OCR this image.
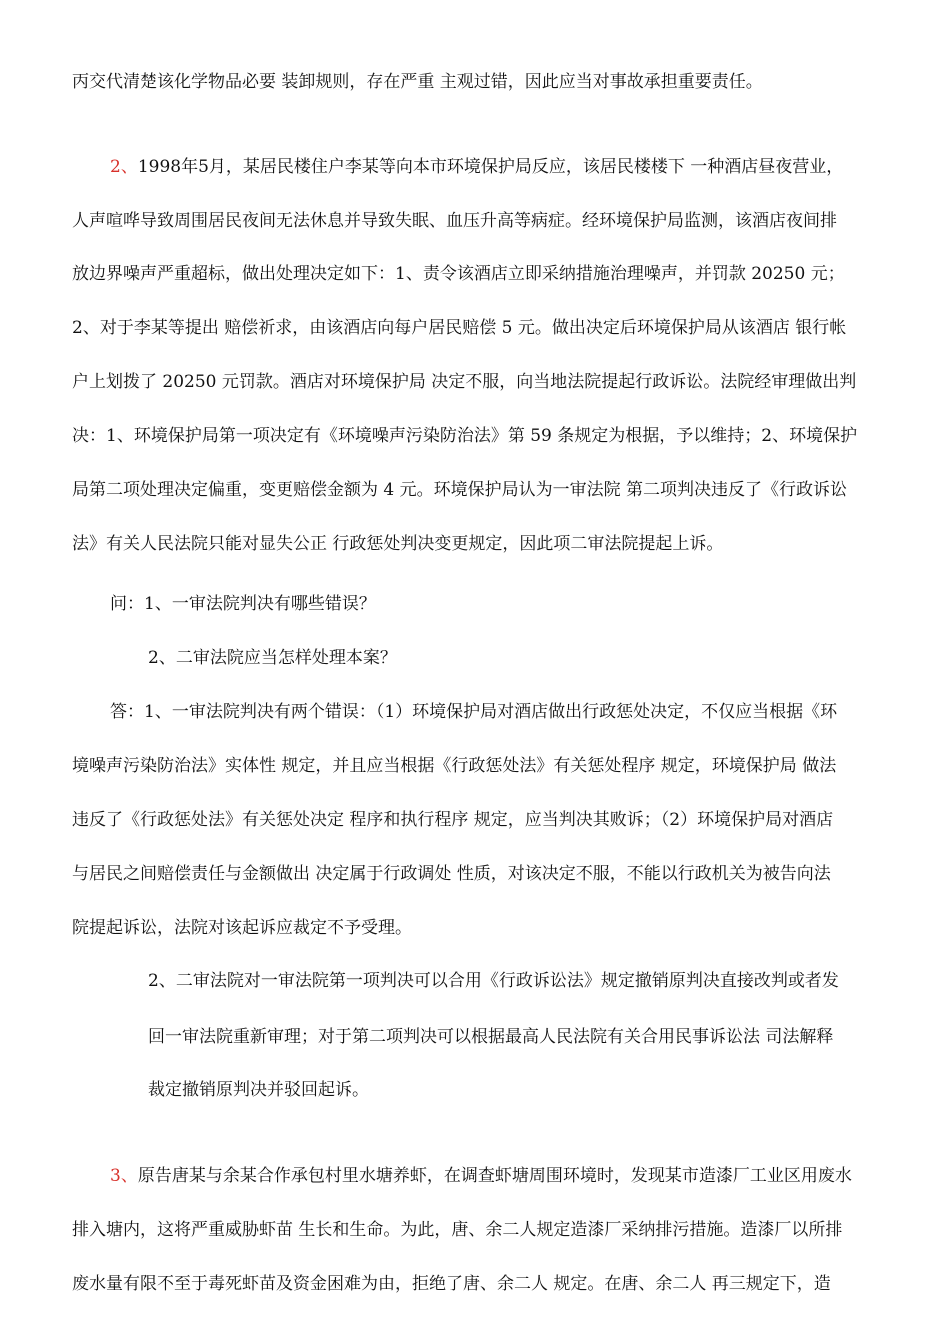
丙交代清楚该化学物品必要 装卸规则，存在严重 主观过错，因此应当对事故承担重要责任。
2、1998年5月，某居民楼住户李某等向本市环境保护局反应，该居民楼楼下 一种酒店昼夜营业，
人声喧哗导致周围居民夜间无法休息并导致失眠、血压升高等病症。经环境保护局监测，该酒店夜间排
放边界噪声严重超标，做出处理决定如下：1、责令该酒店立即采纳措施治理噪声，并罚款 20250 元；
2、对于李某等提出 赔偿祈求，由该酒店向每户居民赔偿 5 元。做出决定后环境保护局从该酒店 银行帐
户上划拨了 20250 元罚款。酒店对环境保护局 决定不服，向当地法院提起行政诉讼。法院经审理做出判
决：1、环境保护局第一项决定有《环境噪声污染防治法》第 59 条规定为根据，予以维持；2、环境保护
局第二项处理决定偏重，变更赔偿金额为 4 元。环境保护局认为一审法院 第二项判决违反了《行政诉讼
法》有关人民法院只能对显失公正 行政惩处判决变更规定，因此项二审法院提起上诉。
问：1、一审法院判决有哪些错误？
2、二审法院应当怎样处理本案？
答：1、一审法院判决有两个错误：（1）环境保护局对酒店做出行政惩处决定，不仅应当根据《环
境噪声污染防治法》实体性 规定，并且应当根据《行政惩处法》有关惩处程序 规定，环境保护局 做法
违反了《行政惩处法》有关惩处决定 程序和执行程序 规定，应当判决其败诉；（2）环境保护局对酒店
与居民之间赔偿责任与金额做出 决定属于行政调处 性质，对该决定不服，不能以行政机关为被告向法
院提起诉讼，法院对该起诉应裁定不予受理。
2、二审法院对一审法院第一项判决可以合用《行政诉讼法》规定撤销原判决直接改判或者发
回一审法院重新审理；对于第二项判决可以根据最高人民法院有关合用民事诉讼法 司法解释
裁定撤销原判决并驳回起诉。
3、原告唐某与余某合作承包村里水塘养虾，在调查虾塘周围环境时，发现某市造漆厂工业区用废水
排入塘内，这将严重威胁虾苗 生长和生命。为此，唐、余二人规定造漆厂采纳排污措施。造漆厂以所排
废水量有限不至于毒死虾苗及资金困难为由，拒绝了唐、余二人 规定。在唐、余二人 再三规定下，造
